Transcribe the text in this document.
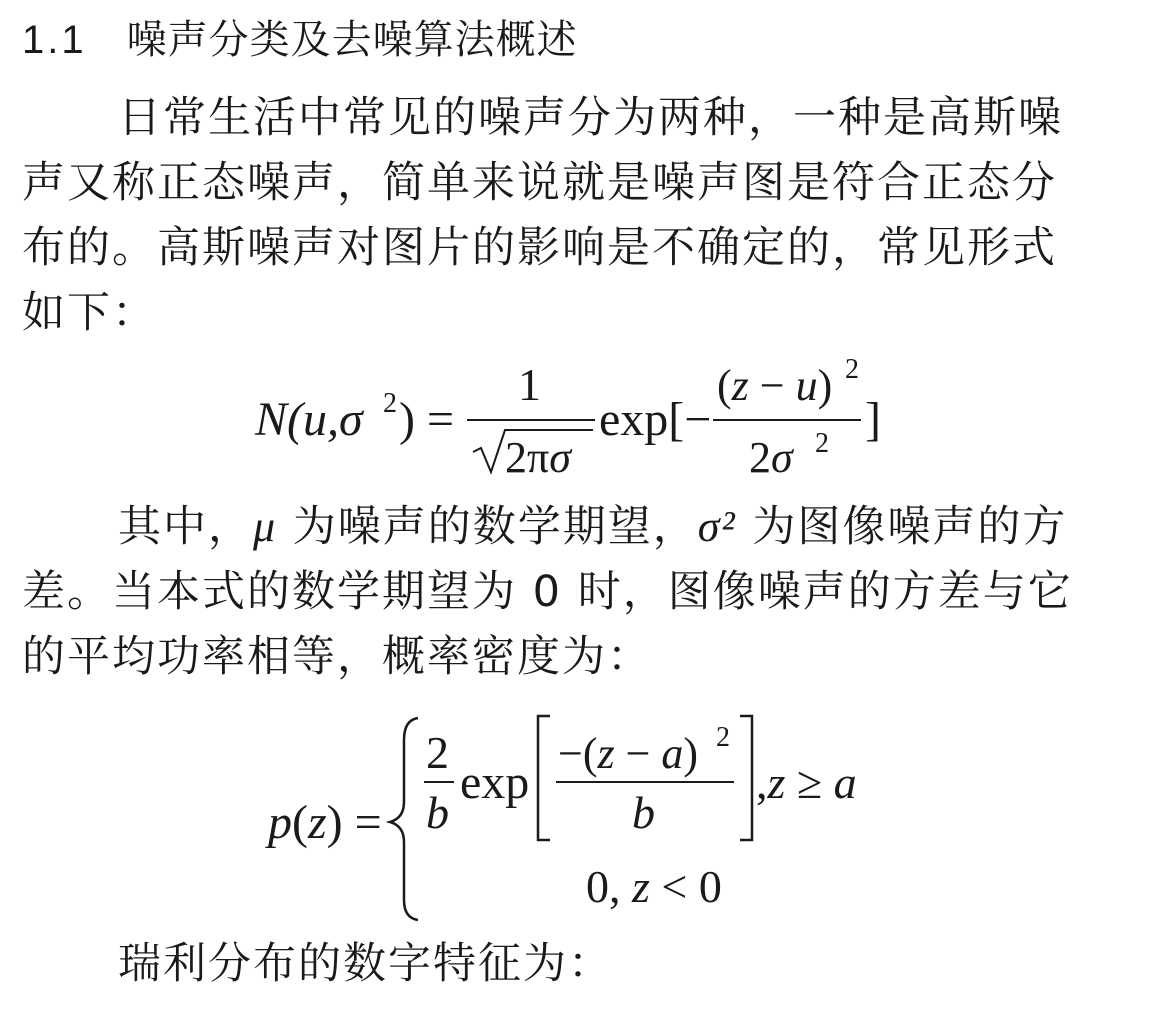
1.1 噪声分类及去噪算法概述
日常生活中常见的噪声分为两种，一种是高斯噪
声又称正态噪声，简单来说就是噪声图是符合正态分
布的。高斯噪声对图片的影响是不确定的，常见形式
如下：
N(u,σ 2 ) =
1
2πσ
exp[−
(z − u) 2
2σ 2 ]
其中，μ 为噪声的数学期望，σ² 为图像噪声的方
差。当本式的数学期望为 0 时，图像噪声的方差与它
的平均功率相等，概率密度为：
p(z) =
2
b
exp
−(z − a) 2
b
,z ≥ a
0, z < 0
瑞利分布的数字特征为：
